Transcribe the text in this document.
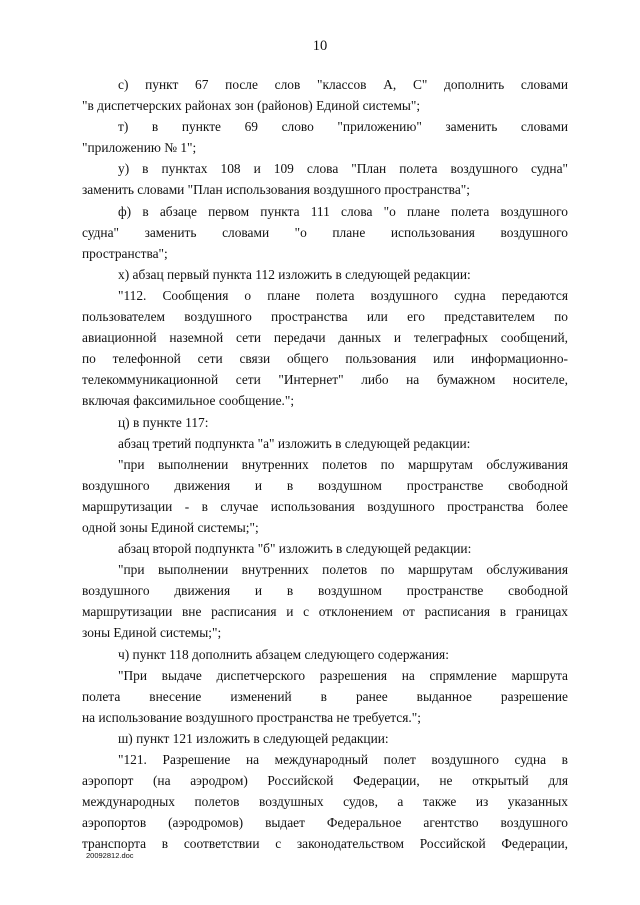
10
с) пункт 67 после слов "классов А, С" дополнить словами
"в диспетчерских районах зон (районов) Единой системы";
т) в пункте 69 слово "приложению" заменить словами
"приложению № 1";
у) в пунктах 108 и 109 слова "План полета воздушного судна"
заменить словами "План использования воздушного пространства";
ф) в абзаце первом пункта 111 слова "о плане полета воздушного
судна" заменить словами "о плане использования воздушного
пространства";
х) абзац первый пункта 112 изложить в следующей редакции:
"112. Сообщения о плане полета воздушного судна передаются
пользователем воздушного пространства или его представителем по
авиационной наземной сети передачи данных и телеграфных сообщений,
по телефонной сети связи общего пользования или информационно-
телекоммуникационной сети "Интернет" либо на бумажном носителе,
включая факсимильное сообщение.";
ц) в пункте 117:
абзац третий подпункта "а" изложить в следующей редакции:
"при выполнении внутренних полетов по маршрутам обслуживания
воздушного движения и в воздушном пространстве свободной
маршрутизации - в случае использования воздушного пространства более
одной зоны Единой системы;";
абзац второй подпункта "б" изложить в следующей редакции:
"при выполнении внутренних полетов по маршрутам обслуживания
воздушного движения и в воздушном пространстве свободной
маршрутизации вне расписания и с отклонением от расписания в границах
зоны Единой системы;";
ч) пункт 118 дополнить абзацем следующего содержания:
"При выдаче диспетчерского разрешения на спрямление маршрута
полета внесение изменений в ранее выданное разрешение
на использование воздушного пространства не требуется.";
ш) пункт 121 изложить в следующей редакции:
"121. Разрешение на международный полет воздушного судна в
аэропорт (на аэродром) Российской Федерации, не открытый для
международных полетов воздушных судов, а также из указанных
аэропортов (аэродромов) выдает Федеральное агентство воздушного
транспорта в соответствии с законодательством Российской Федерации,
20092812.doc
